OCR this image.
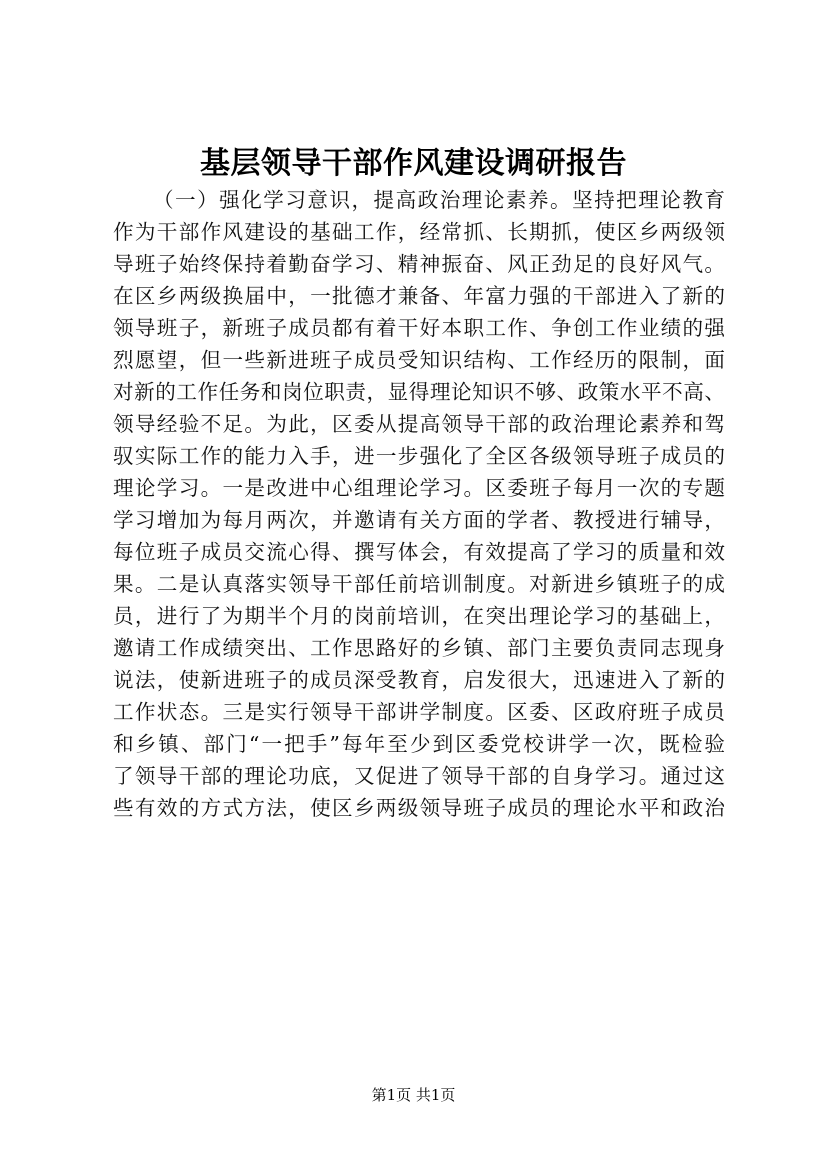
基层领导干部作风建设调研报告
（一）强化学习意识，提高政治理论素养。坚持把理论教育
作为干部作风建设的基础工作，经常抓、长期抓，使区乡两级领
导班子始终保持着勤奋学习、精神振奋、风正劲足的良好风气。
在区乡两级换届中，一批德才兼备、年富力强的干部进入了新的
领导班子，新班子成员都有着干好本职工作、争创工作业绩的强
烈愿望，但一些新进班子成员受知识结构、工作经历的限制，面
对新的工作任务和岗位职责，显得理论知识不够、政策水平不高、
领导经验不足。为此，区委从提高领导干部的政治理论素养和驾
驭实际工作的能力入手，进一步强化了全区各级领导班子成员的
理论学习。一是改进中心组理论学习。区委班子每月一次的专题
学习增加为每月两次，并邀请有关方面的学者、教授进行辅导，
每位班子成员交流心得、撰写体会，有效提高了学习的质量和效
果。二是认真落实领导干部任前培训制度。对新进乡镇班子的成
员，进行了为期半个月的岗前培训，在突出理论学习的基础上，
邀请工作成绩突出、工作思路好的乡镇、部门主要负责同志现身
说法，使新进班子的成员深受教育，启发很大，迅速进入了新的
工作状态。三是实行领导干部讲学制度。区委、区政府班子成员
和乡镇、部门“一把手”每年至少到区委党校讲学一次，既检验
了领导干部的理论功底，又促进了领导干部的自身学习。通过这
些有效的方式方法，使区乡两级领导班子成员的理论水平和政治
第1页 共1页
